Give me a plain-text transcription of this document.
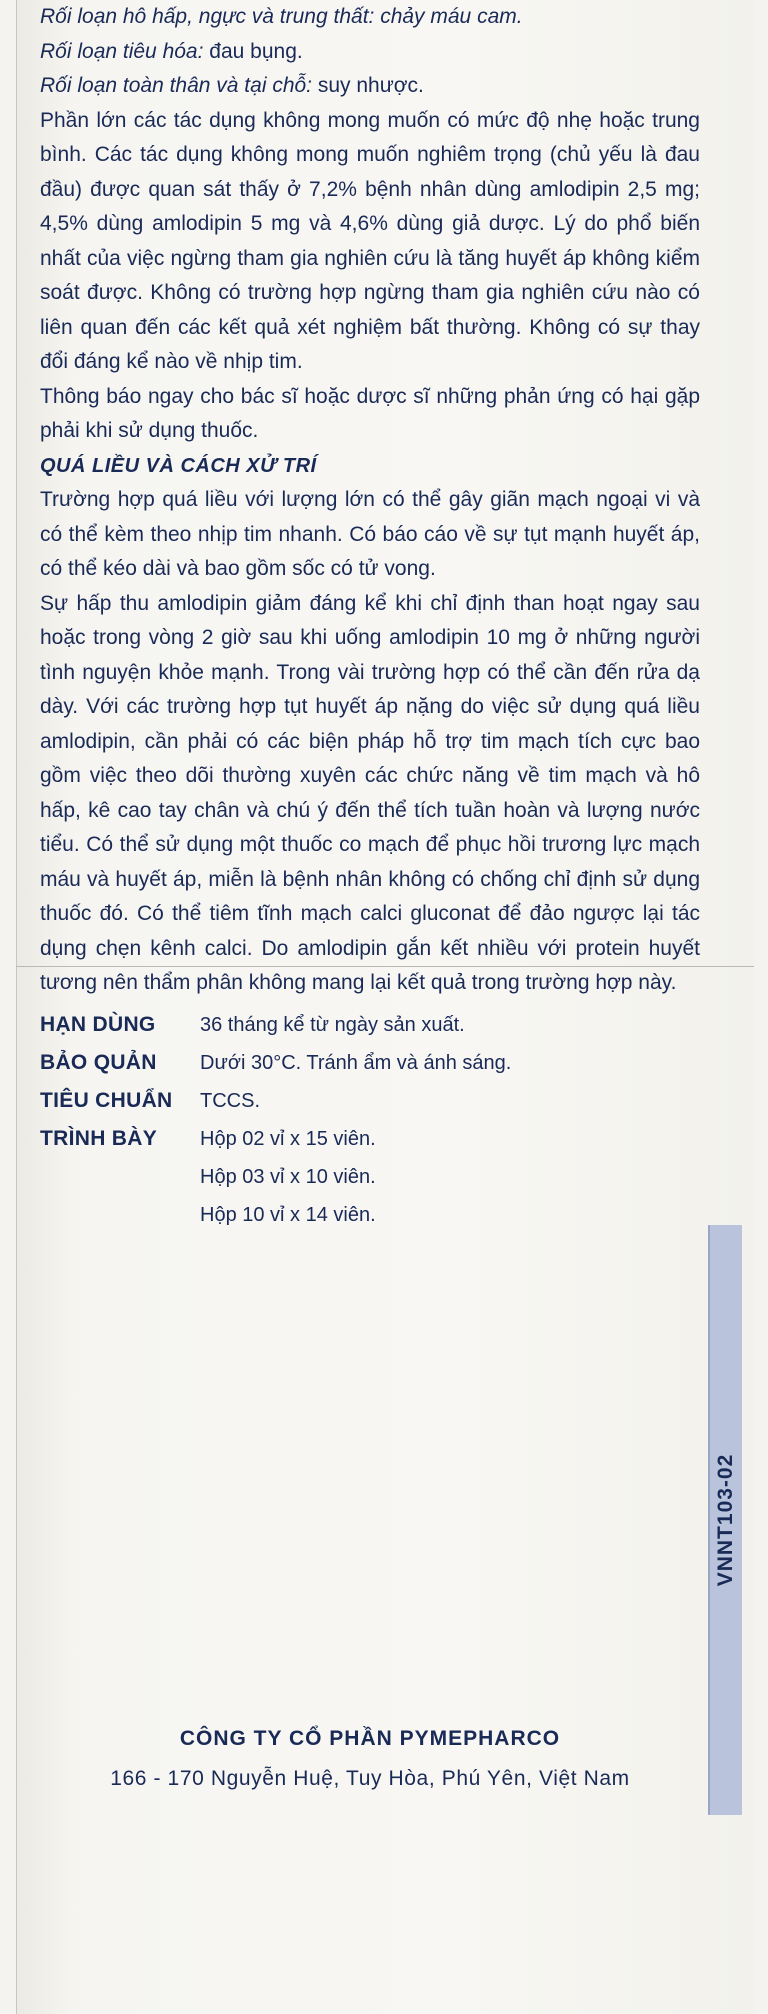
Rối loạn hô hấp, ngực và trung thất: chảy máu cam.

Rối loạn tiêu hóa: đau bụng.

Rối loạn toàn thân và tại chỗ: suy nhược.

Phần lớn các tác dụng không mong muốn có mức độ nhẹ hoặc trung bình. Các tác dụng không mong muốn nghiêm trọng (chủ yếu là đau đầu) được quan sát thấy ở 7,2% bệnh nhân dùng amlodipin 2,5 mg; 4,5% dùng amlodipin 5 mg và 4,6% dùng giả dược. Lý do phổ biến nhất của việc ngừng tham gia nghiên cứu là tăng huyết áp không kiểm soát được. Không có trường hợp ngừng tham gia nghiên cứu nào có liên quan đến các kết quả xét nghiệm bất thường. Không có sự thay đổi đáng kể nào về nhịp tim.

Thông báo ngay cho bác sĩ hoặc dược sĩ những phản ứng có hại gặp phải khi sử dụng thuốc.

QUÁ LIỀU VÀ CÁCH XỬ TRÍ

Trường hợp quá liều với lượng lớn có thể gây giãn mạch ngoại vi và có thể kèm theo nhịp tim nhanh. Có báo cáo về sự tụt mạnh huyết áp, có thể kéo dài và bao gồm sốc có tử vong.

Sự hấp thu amlodipin giảm đáng kể khi chỉ định than hoạt ngay sau hoặc trong vòng 2 giờ sau khi uống amlodipin 10 mg ở những người tình nguyện khỏe mạnh. Trong vài trường hợp có thể cần đến rửa dạ dày. Với các trường hợp tụt huyết áp nặng do việc sử dụng quá liều amlodipin, cần phải có các biện pháp hỗ trợ tim mạch tích cực bao gồm việc theo dõi thường xuyên các chức năng về tim mạch và hô hấp, kê cao tay chân và chú ý đến thể tích tuần hoàn và lượng nước tiểu. Có thể sử dụng một thuốc co mạch để phục hồi trương lực mạch máu và huyết áp, miễn là bệnh nhân không có chống chỉ định sử dụng thuốc đó. Có thể tiêm tĩnh mạch calci gluconat để đảo ngược lại tác dụng chẹn kênh calci. Do amlodipin gắn kết nhiều với protein huyết tương nên thẩm phân không mang lại kết quả trong trường hợp này.

HẠN DÙNG	36 tháng kể từ ngày sản xuất.
BẢO QUẢN	Dưới 30°C. Tránh ẩm và ánh sáng.
TIÊU CHUẨN	TCCS.
TRÌNH BÀY	Hộp 02 vỉ x 15 viên.
Hộp 03 vỉ x 10 viên.
Hộp 10 vỉ x 14 viên.
CÔNG TY CỔ PHẦN PYMEPHARCO
166 - 170 Nguyễn Huệ, Tuy Hòa, Phú Yên, Việt Nam
VNNT103-02
